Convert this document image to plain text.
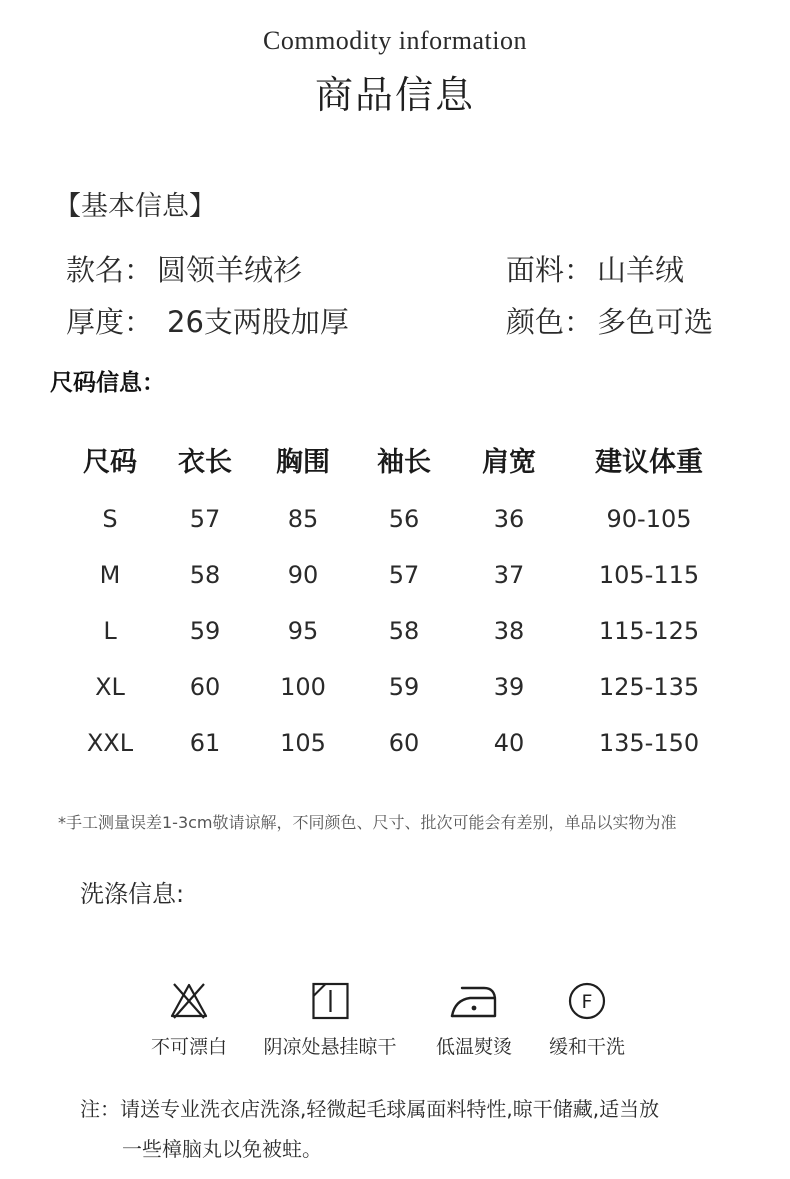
Commodity information
商品信息
【基本信息】
款名： 圆领羊绒衫	面料： 山羊绒
厚度： 26支两股加厚	颜色： 多色可选
尺码信息：
尺码 衣长 胸围 袖长 肩宽 建议体重
S	57	85	56	36	90-105
M	58	90	57	37	105-115
L	59	95	58	38	115-125
XL	60 100	59	39	125-135
XXL 61 105	60	40	135-150
*手工测量误差1-3cm敬请谅解，不同颜色、尺寸、批次可能会有差别，单品以实物为准
洗涤信息:
不可漂白 阴凉处悬挂晾干 低温熨烫
F
缓和干洗
注：请送专业洗衣店洗涤,轻微起毛球属面料特性,晾干储藏,适当放
一些樟脑丸以免被蛀。
